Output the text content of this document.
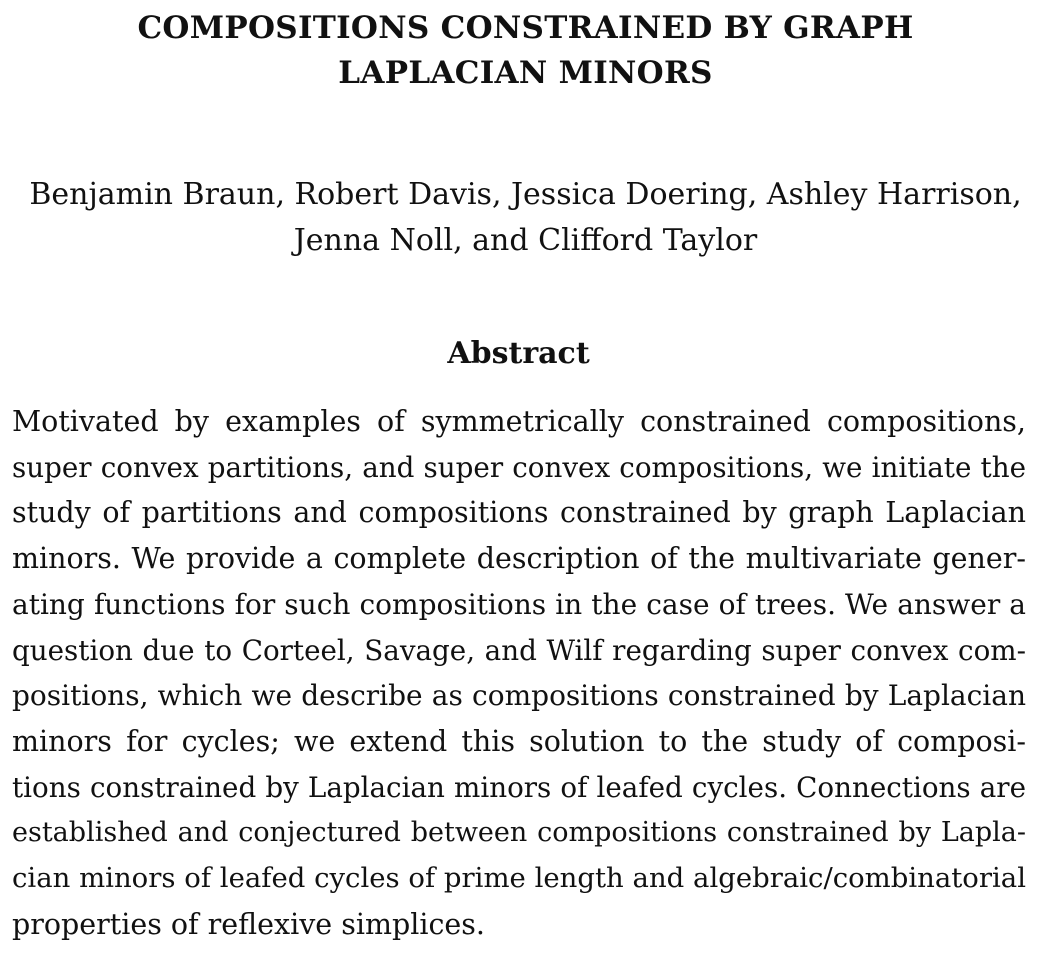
COMPOSITIONS CONSTRAINED BY GRAPH
LAPLACIAN MINORS
Benjamin Braun, Robert Davis, Jessica Doering, Ashley Harrison,
Jenna Noll, and Clifford Taylor
Abstract
Motivated by examples of symmetrically constrained compositions,
super convex partitions, and super convex compositions, we initiate the
study of partitions and compositions constrained by graph Laplacian
minors. We provide a complete description of the multivariate gener-
ating functions for such compositions in the case of trees. We answer a
question due to Corteel, Savage, and Wilf regarding super convex com-
positions, which we describe as compositions constrained by Laplacian
minors for cycles; we extend this solution to the study of composi-
tions constrained by Laplacian minors of leafed cycles. Connections are
established and conjectured between compositions constrained by Lapla-
cian minors of leafed cycles of prime length and algebraic/combinatorial
properties of reflexive simplices.
